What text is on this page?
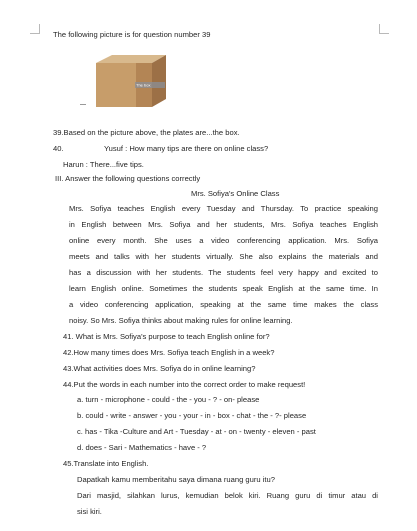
The following picture is for question number 39
The box
39.Based on the picture above, the plates are...the box.
40.	Yusuf : How many tips are there on online class?
Harun : There...five tips.
III. Answer the following questions correctly
Mrs. Sofiya's Online Class
Mrs. Sofiya teaches English every Tuesday and Thursday. To practice speaking
in English between Mrs. Sofiya and her students, Mrs. Sofiya teaches English
online every month. She uses a video conferencing application. Mrs. Sofiya
meets and talks with her students virtually. She also explains the materials and
has a discussion with her students. The students feel very happy and excited to
learn English online. Sometimes the students speak English at the same time. In
a video conferencing application, speaking at the same time makes the class
noisy. So Mrs. Sofiya thinks about making rules for online learning.
41. What is Mrs. Sofiya's purpose to teach English online for?
42.How many times does Mrs. Sofiya teach English in a week?
43.What activities does Mrs. Sofiya do in online learning?
44.Put the words in each number into the correct order to make request!
a. turn - microphone - could - the - you - ? - on- please
b. could - write - answer - you - your - in - box - chat - the - ?- please
c. has - Tika -Culture and Art - Tuesday - at - on - twenty - eleven - past
d. does - Sari - Mathematics - have - ?
45.Translate into English.
Dapatkah kamu memberitahu saya dimana ruang guru itu?
Dari masjid, silahkan lurus, kemudian belok kiri. Ruang guru di timur atau di
sisi kiri.
